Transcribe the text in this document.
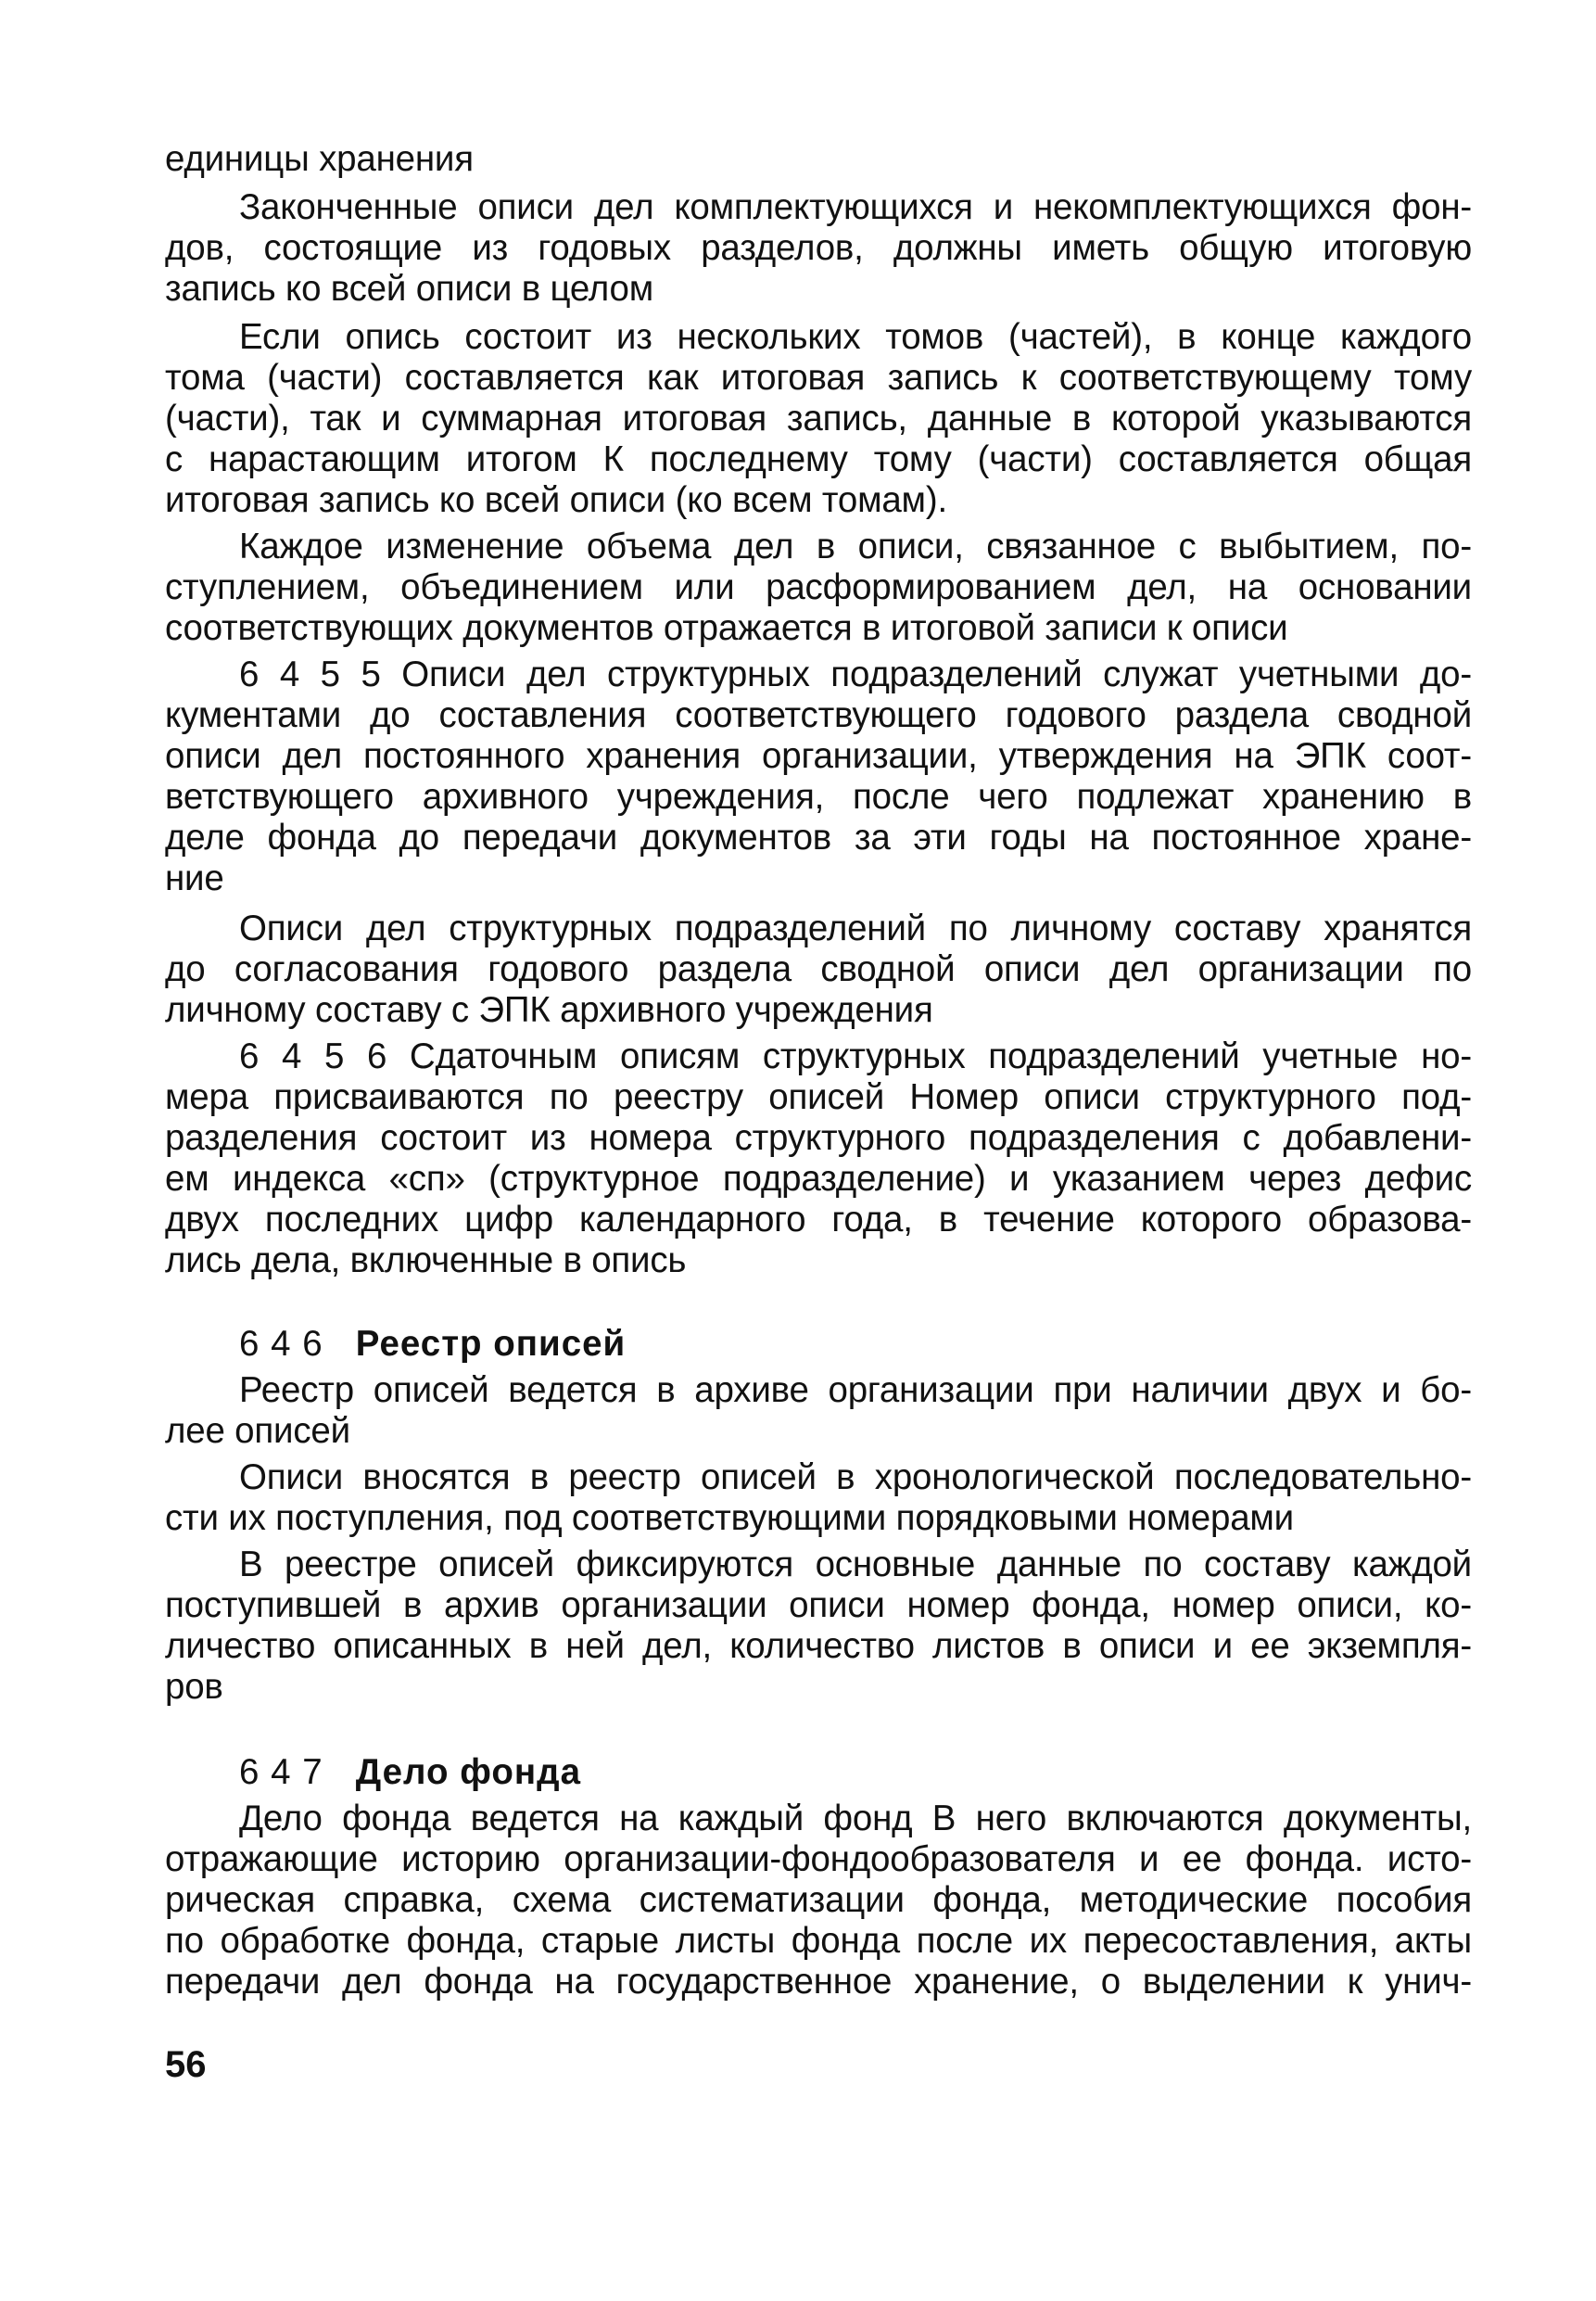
единицы хранения
Законченные описи дел комплектующихся и некомплектующихся фон-
дов, состоящие из годовых разделов, должны иметь общую итоговую
запись ко всей описи в целом
Если опись состоит из нескольких томов (частей), в конце каждого
тома (части) составляется как итоговая запись к соответствующему тому
(части), так и суммарная итоговая запись, данные в которой указываются
с нарастающим итогом К последнему тому (части) составляется общая
итоговая запись ко всей описи (ко всем томам).
Каждое изменение объема дел в описи, связанное с выбытием, по-
ступлением, объединением или расформированием дел, на основании
соответствующих документов отражается в итоговой записи к описи
6 4 5 5 Описи дел структурных подразделений служат учетными до-
кументами до составления соответствующего годового раздела сводной
описи дел постоянного хранения организации, утверждения на ЭПК соот-
ветствующего архивного учреждения, после чего подлежат хранению в
деле фонда до передачи документов за эти годы на постоянное хране-
ние
Описи дел структурных подразделений по личному составу хранятся
до согласования годового раздела сводной описи дел организации по
личному составу с ЭПК архивного учреждения
6 4 5 6 Сдаточным описям структурных подразделений учетные но-
мера присваиваются по реестру описей Номер описи структурного под-
разделения состоит из номера структурного подразделения с добавлени-
ем индекса «сп» (структурное подразделение) и указанием через дефис
двух последних цифр календарного года, в течение которого образова-
лись дела, включенные в опись
6 4 6 Реестр описей
Реестр описей ведется в архиве организации при наличии двух и бо-
лее описей
Описи вносятся в реестр описей в хронологической последовательно-
сти их поступления, под соответствующими порядковыми номерами
В реестре описей фиксируются основные данные по составу каждой
поступившей в архив организации описи номер фонда, номер описи, ко-
личество описанных в ней дел, количество листов в описи и ее экземпля-
ров
6 4 7 Дело фонда
Дело фонда ведется на каждый фонд В него включаются документы,
отражающие историю организации-фондообразователя и ее фонда. исто-
рическая справка, схема систематизации фонда, методические пособия
по обработке фонда, старые листы фонда после их пересоставления, акты
передачи дел фонда на государственное хранение, о выделении к унич-
56
